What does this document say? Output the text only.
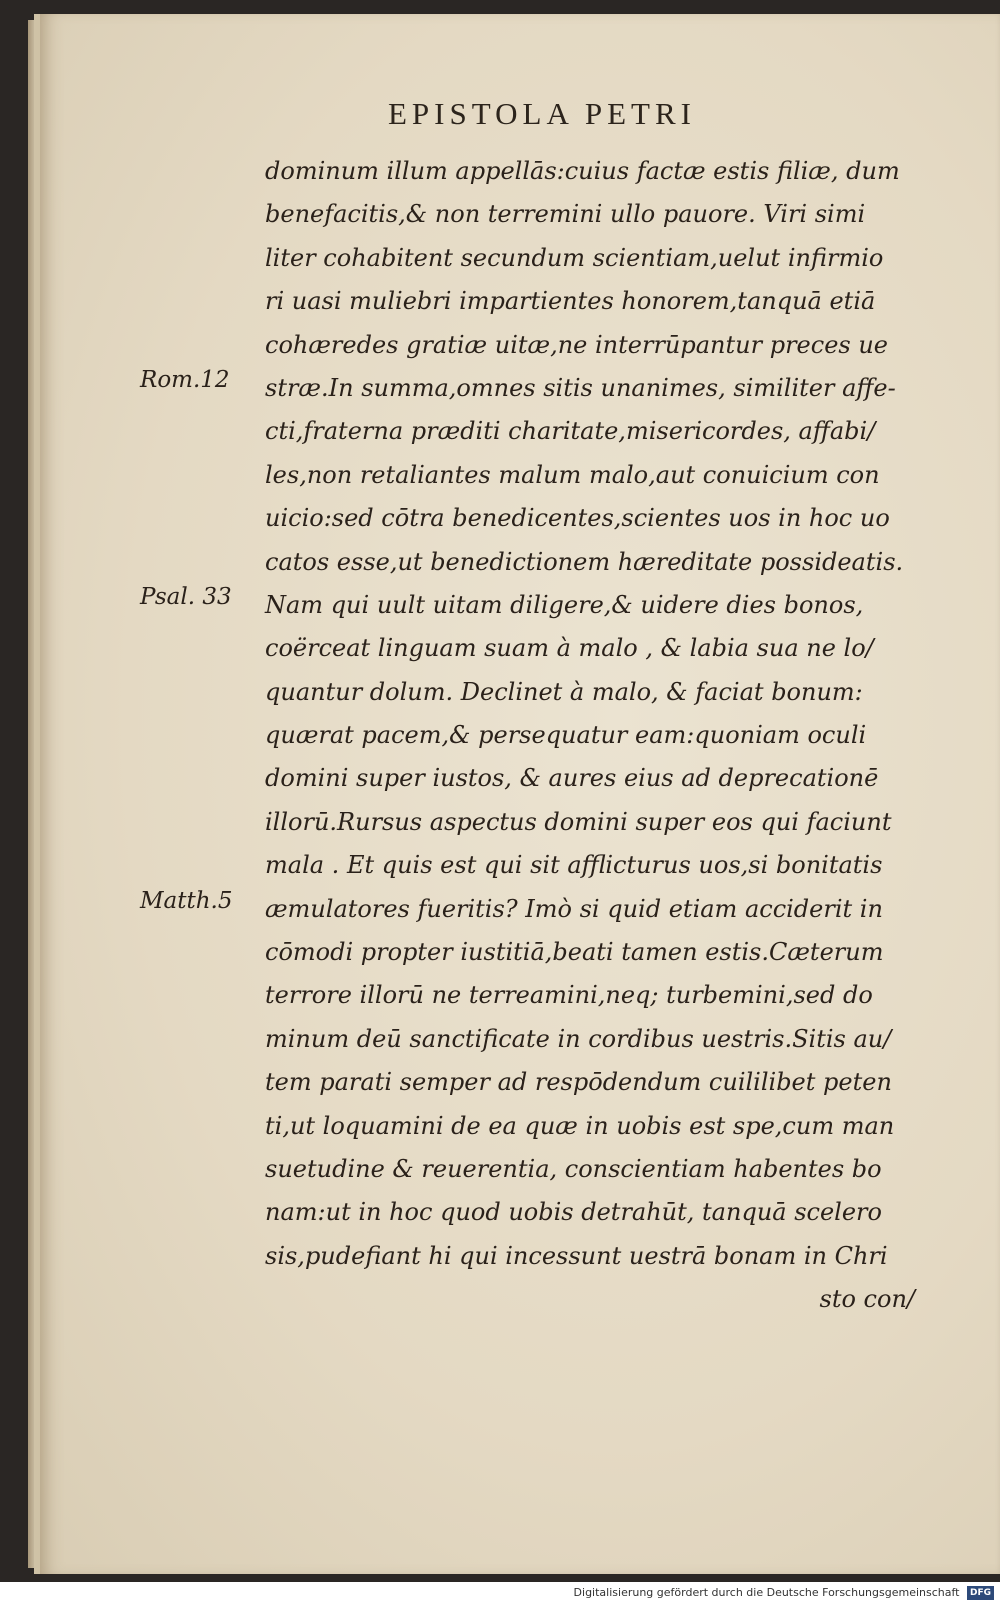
EPISTOLA PETRI
Rom.12
Psal. 33
Matth.5
dominum illum appellās:cuius factæ estis filiæ, dum
benefacitis,& non terremini ullo pauore. Viri simi
liter cohabitent secundum scientiam,uelut infirmio
ri uasi muliebri impartientes honorem,tanquā etiā
cohæredes gratiæ uitæ,ne interrūpantur preces ue
stræ.In summa,omnes sitis unanimes, similiter affe-
cti,fraterna præditi charitate,misericordes, affabi/
les,non retaliantes malum malo,aut conuicium con
uicio:sed cōtra benedicentes,scientes uos in hoc uo
catos esse,ut benedictionem hæreditate possideatis.
Nam qui uult uitam diligere,& uidere dies bonos,
coërceat linguam suam à malo , & labia sua ne lo/
quantur dolum. Declinet à malo, & faciat bonum:
quærat pacem,& persequatur eam:quoniam oculi
domini super iustos, & aures eius ad deprecationē
illorū.Rursus aspectus domini super eos qui faciunt
mala . Et quis est qui sit afflicturus uos,si bonitatis
æmulatores fueritis? Imò si quid etiam acciderit in
cōmodi propter iustitiā,beati tamen estis.Cæterum
terrore illorū ne terreamini,neq; turbemini,sed do
minum deū sanctificate in cordibus uestris.Sitis au/
tem parati semper ad respōdendum cuililibet peten
ti,ut loquamini de ea quæ in uobis est spe,cum man
suetudine & reuerentia, conscientiam habentes bo
nam:ut in hoc quod uobis detrahūt, tanquā scelero
sis,pudefiant hi qui incessunt uestrā bonam in Chri
sto con/
Digitalisierung gefördert durch die Deutsche Forschungsgemeinschaft DFG
